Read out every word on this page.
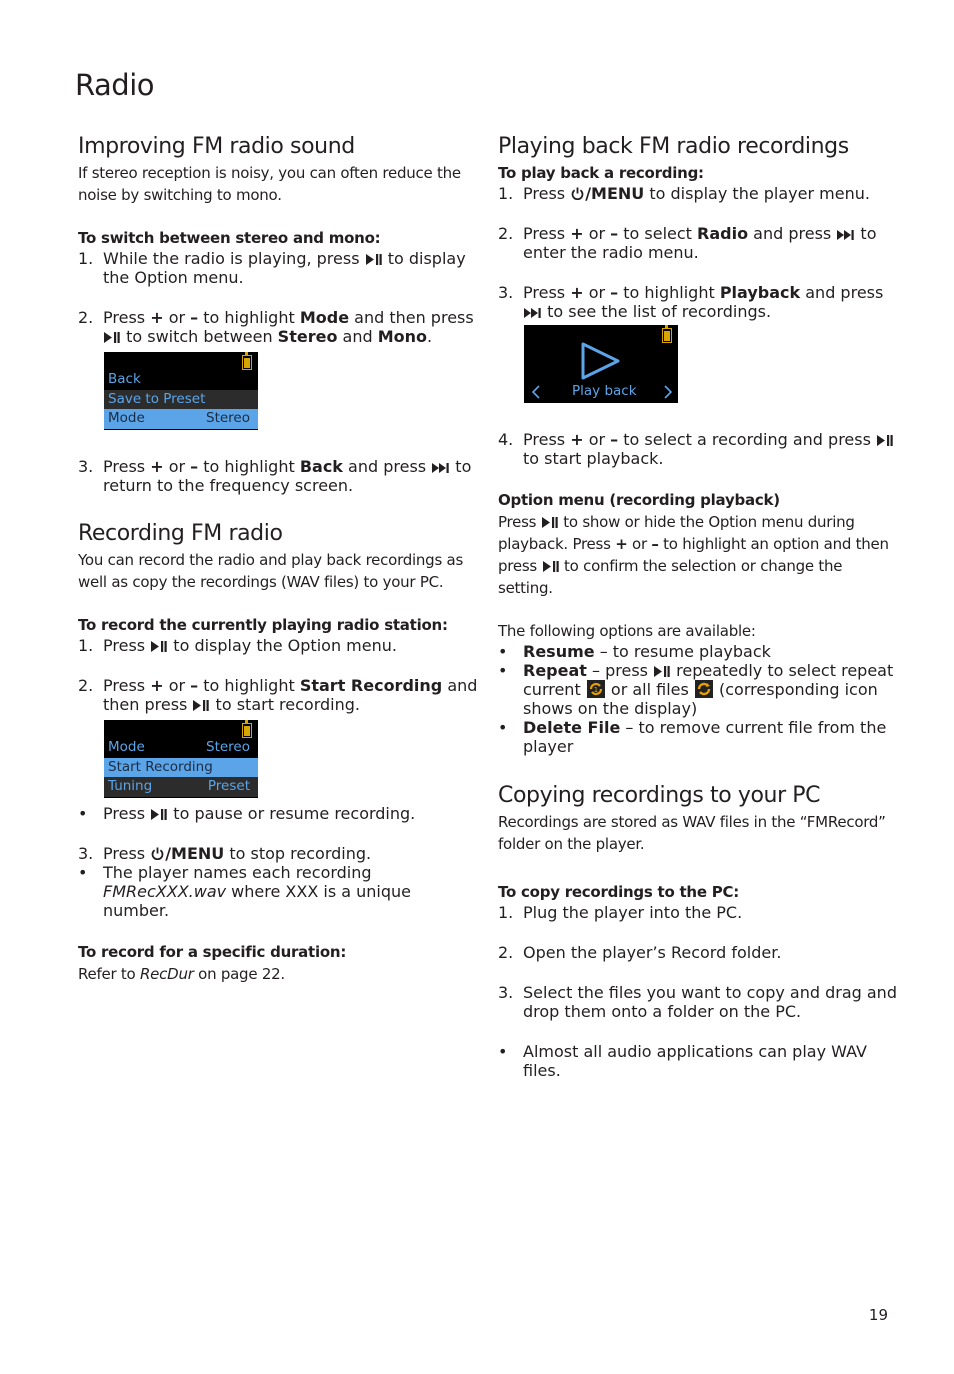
Radio
Improving FM radio sound

If stereo reception is noisy, you can often reduce the noise by switching to mono.

To switch between stereo and mono:

1. While the radio is playing, press  to display the Option menu.
2. Press + or – to highlight Mode and then press  to switch between Stereo and Mono.
Back
Save to Preset
Mode	Stereo
3. Press + or – to highlight Back and press  to return to the frequency screen.
Recording FM radio

You can record the radio and play back recordings as well as copy the recordings (WAV files) to your PC.

To record the currently playing radio station:

1. Press  to display the Option menu.
2. Press + or – to highlight Start Recording and then press  to start recording.
Mode	Stereo
Start Recording
Tuning	Preset
• Press  to pause or resume recording.
3. Press /MENU to stop recording.
• The player names each recording FMRecXXX.wav where XXX is a unique number.

To record for a specific duration:

Refer to RecDur on page 22.

Playing back FM radio recordings

To play back a recording:

1. Press /MENU to display the player menu.
2. Press + or – to select Radio and press  to enter the radio menu.
3. Press + or – to highlight Playback and press  to see the list of recordings.
Play back
4. Press + or – to select a recording and press  to start playback.

Option menu (recording playback)

Press  to show or hide the Option menu during playback. Press + or – to highlight an option and then press  to confirm the selection or change the setting.

The following options are available:

• Resume – to resume playback
• Repeat – press  repeatedly to select repeat current 1 or all files  (corresponding icon shows on the display)
• Delete File – to remove current file from the player
Copying recordings to your PC

Recordings are stored as WAV files in the “FMRecord” folder on the player.

To copy recordings to the PC:

1. Plug the player into the PC.
2. Open the player’s Record folder.
3. Select the files you want to copy and drag and drop them onto a folder on the PC.
• Almost all audio applications can play WAV files.
19
